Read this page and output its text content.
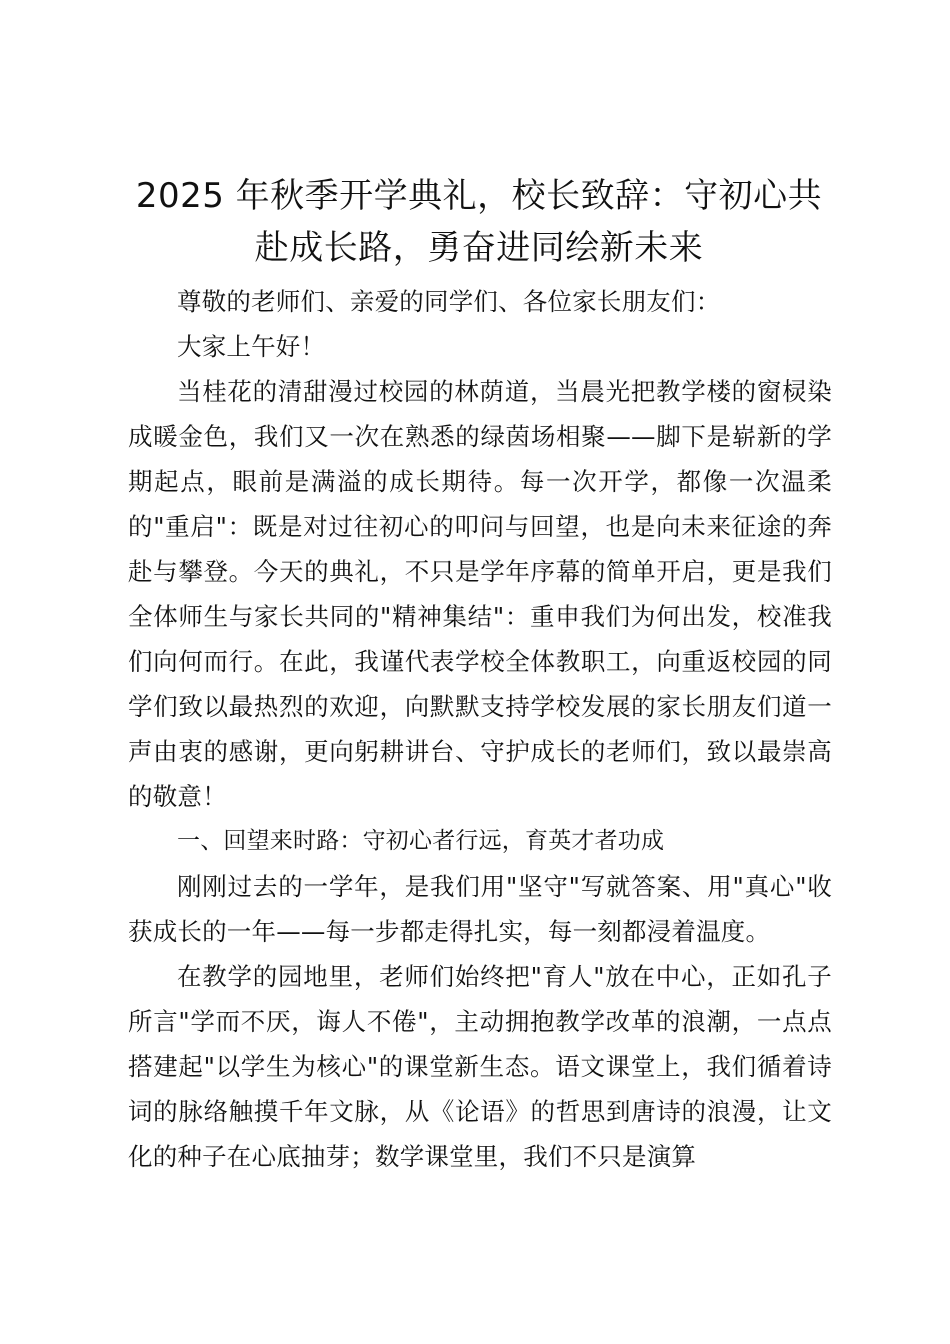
2025 年秋季开学典礼，校长致辞：守初心共赴成长路，勇奋进同绘新未来

尊敬的老师们、亲爱的同学们、各位家长朋友们：

大家上午好！

当桂花的清甜漫过校园的林荫道，当晨光把教学楼的窗棂染成暖金色，我们又一次在熟悉的绿茵场相聚——脚下是崭新的学期起点，眼前是满溢的成长期待。每一次开学，都像一次温柔的"重启"：既是对过往初心的叩问与回望，也是向未来征途的奔赴与攀登。今天的典礼，不只是学年序幕的简单开启，更是我们全体师生与家长共同的"精神集结"：重申我们为何出发，校准我们向何而行。在此，我谨代表学校全体教职工，向重返校园的同学们致以最热烈的欢迎，向默默支持学校发展的家长朋友们道一声由衷的感谢，更向躬耕讲台、守护成长的老师们，致以最崇高的敬意！

一、回望来时路：守初心者行远，育英才者功成

刚刚过去的一学年，是我们用"坚守"写就答案、用"真心"收获成长的一年——每一步都走得扎实，每一刻都浸着温度。

在教学的园地里，老师们始终把"育人"放在中心，正如孔子所言"学而不厌，诲人不倦"，主动拥抱教学改革的浪潮，一点点搭建起"以学生为核心"的课堂新生态。语文课堂上，我们循着诗词的脉络触摸千年文脉，从《论语》的哲思到唐诗的浪漫，让文化的种子在心底抽芽；数学课堂里，我们不只是演算
